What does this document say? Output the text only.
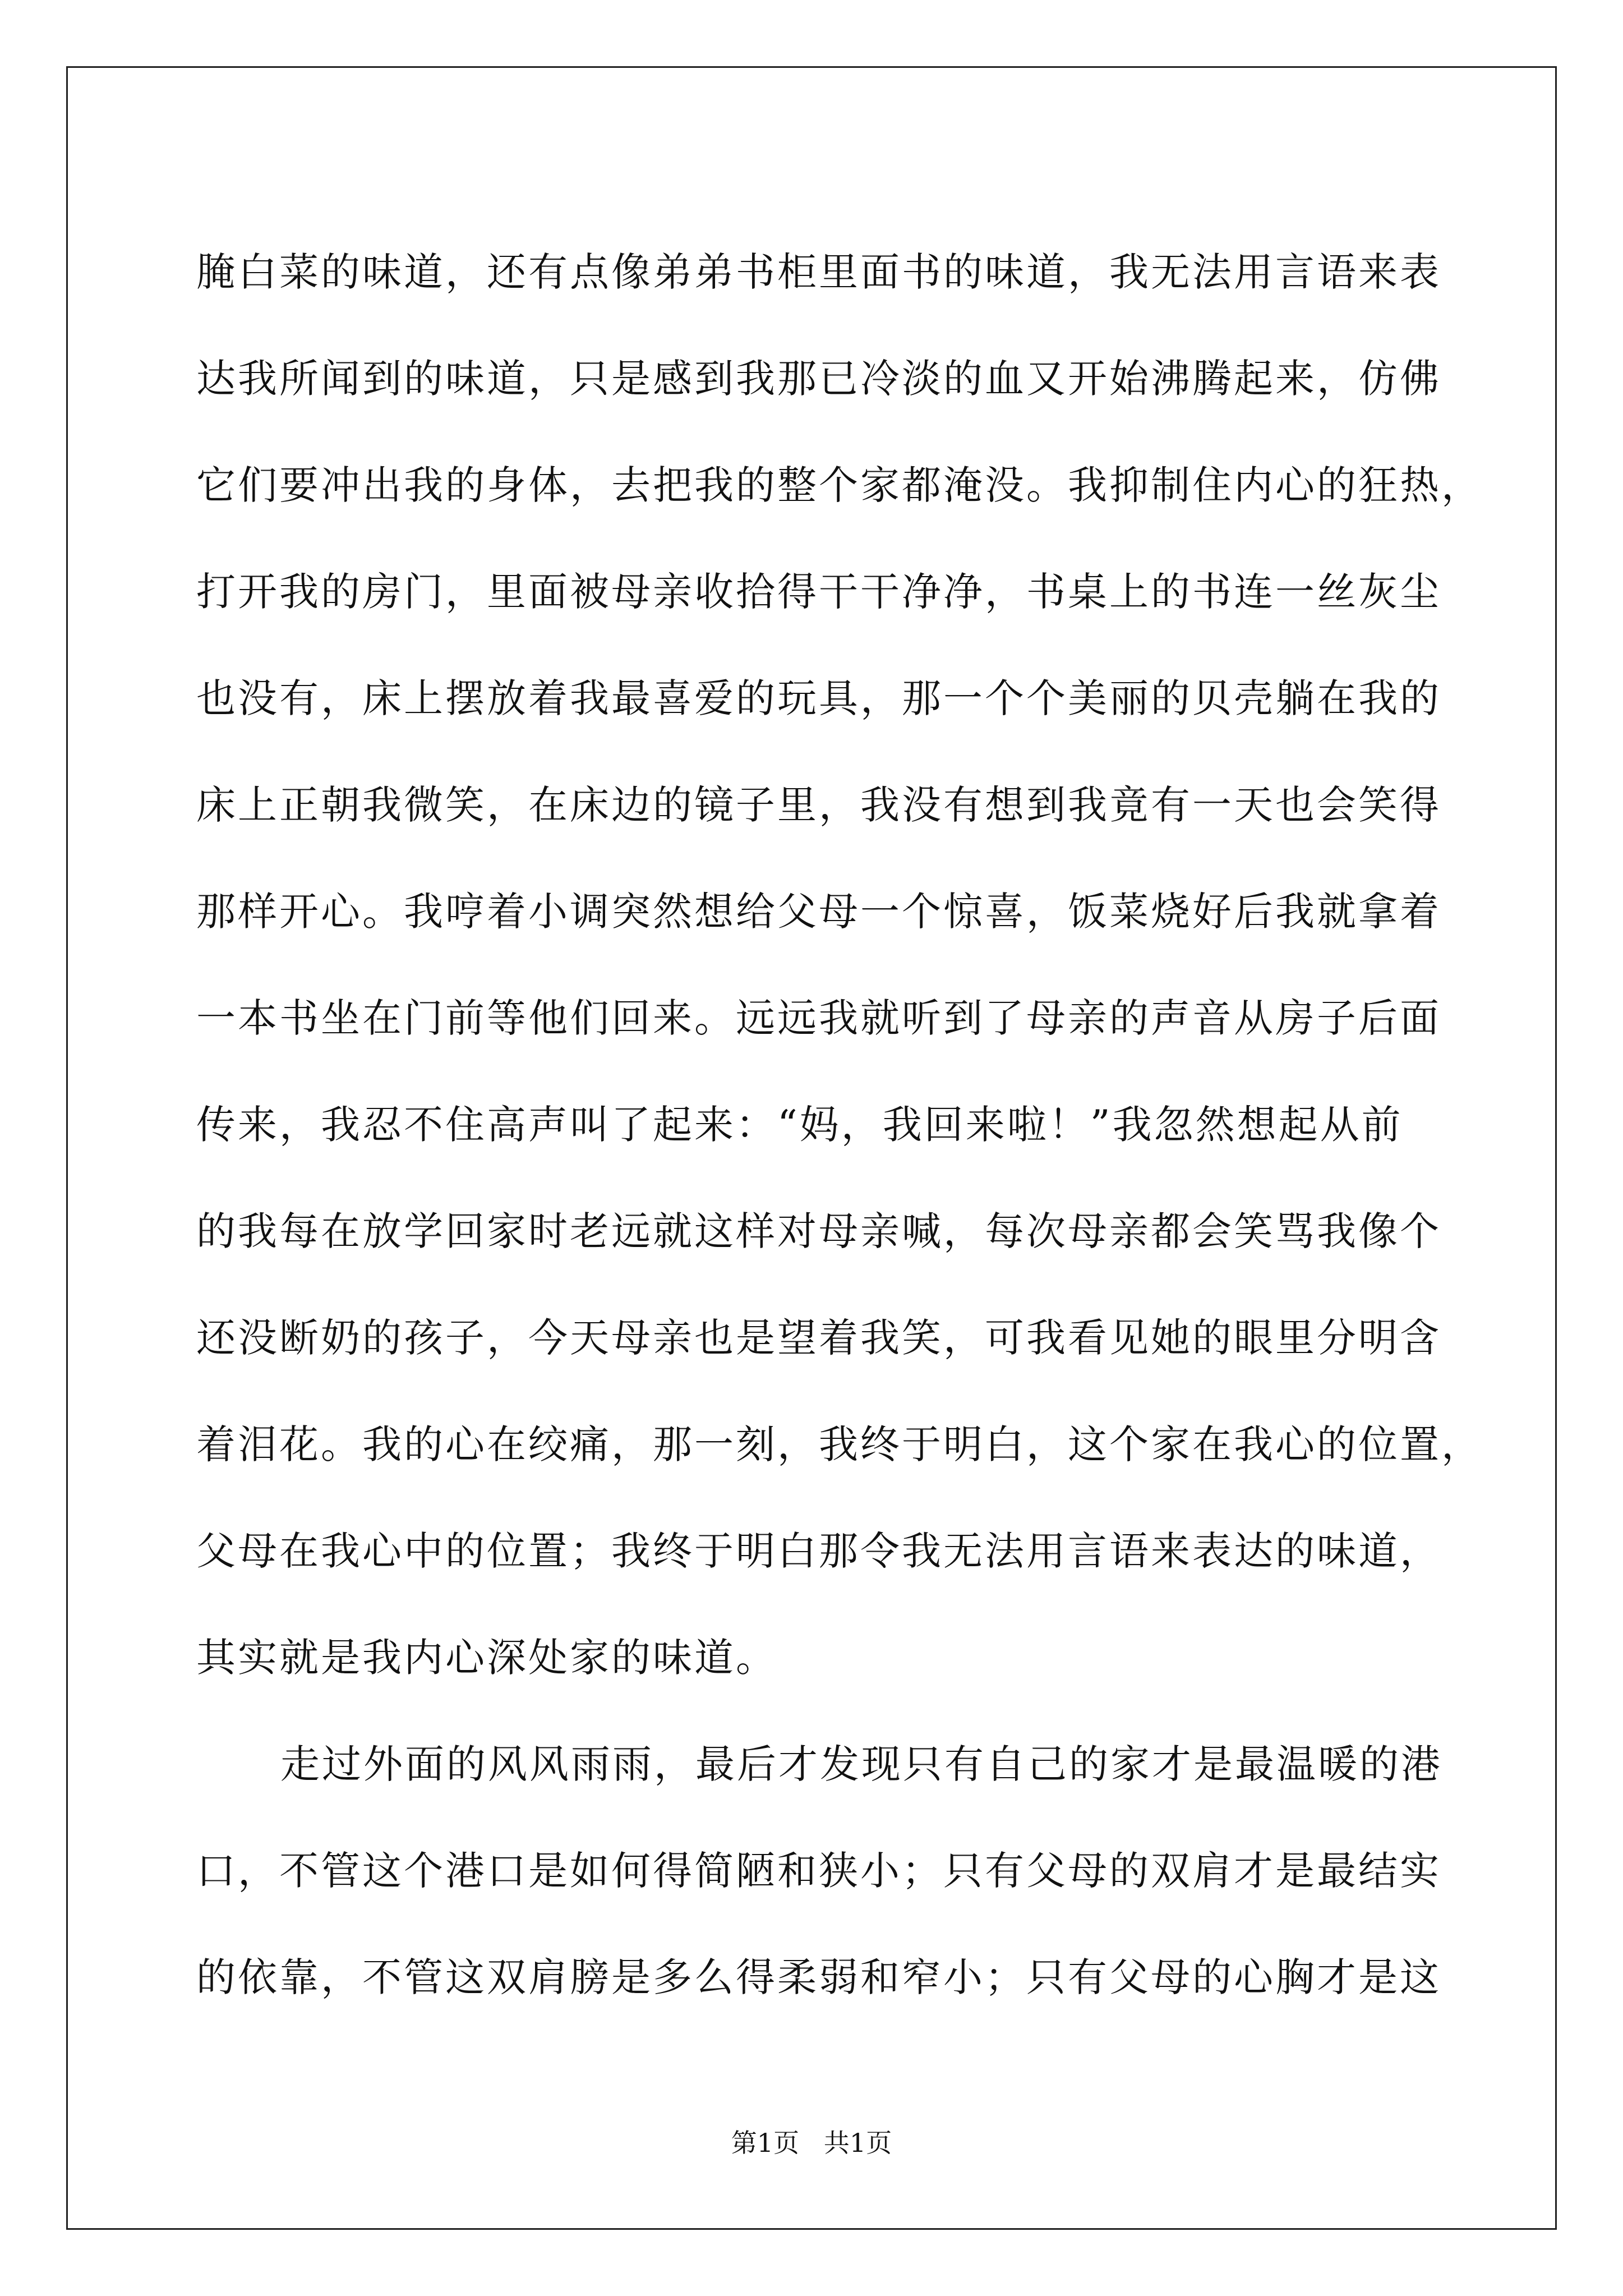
腌白菜的味道，还有点像弟弟书柜里面书的味道，我无法用言语来表
达我所闻到的味道，只是感到我那已冷淡的血又开始沸腾起来，仿佛
它们要冲出我的身体，去把我的整个家都淹没。我抑制住内心的狂热，
打开我的房门，里面被母亲收拾得干干净净，书桌上的书连一丝灰尘
也没有，床上摆放着我最喜爱的玩具，那一个个美丽的贝壳躺在我的
床上正朝我微笑，在床边的镜子里，我没有想到我竟有一天也会笑得
那样开心。我哼着小调突然想给父母一个惊喜，饭菜烧好后我就拿着
一本书坐在门前等他们回来。远远我就听到了母亲的声音从房子后面
传来，我忍不住高声叫了起来：“妈，我回来啦！”我忽然想起从前
的我每在放学回家时老远就这样对母亲喊，每次母亲都会笑骂我像个
还没断奶的孩子，今天母亲也是望着我笑，可我看见她的眼里分明含
着泪花。我的心在绞痛，那一刻，我终于明白，这个家在我心的位置，
父母在我心中的位置；我终于明白那令我无法用言语来表达的味道，
其实就是我内心深处家的味道。
走过外面的风风雨雨，最后才发现只有自己的家才是最温暖的港
口，不管这个港口是如何得简陋和狭小；只有父母的双肩才是最结实
的依靠，不管这双肩膀是多么得柔弱和窄小；只有父母的心胸才是这
第1页   共1页
